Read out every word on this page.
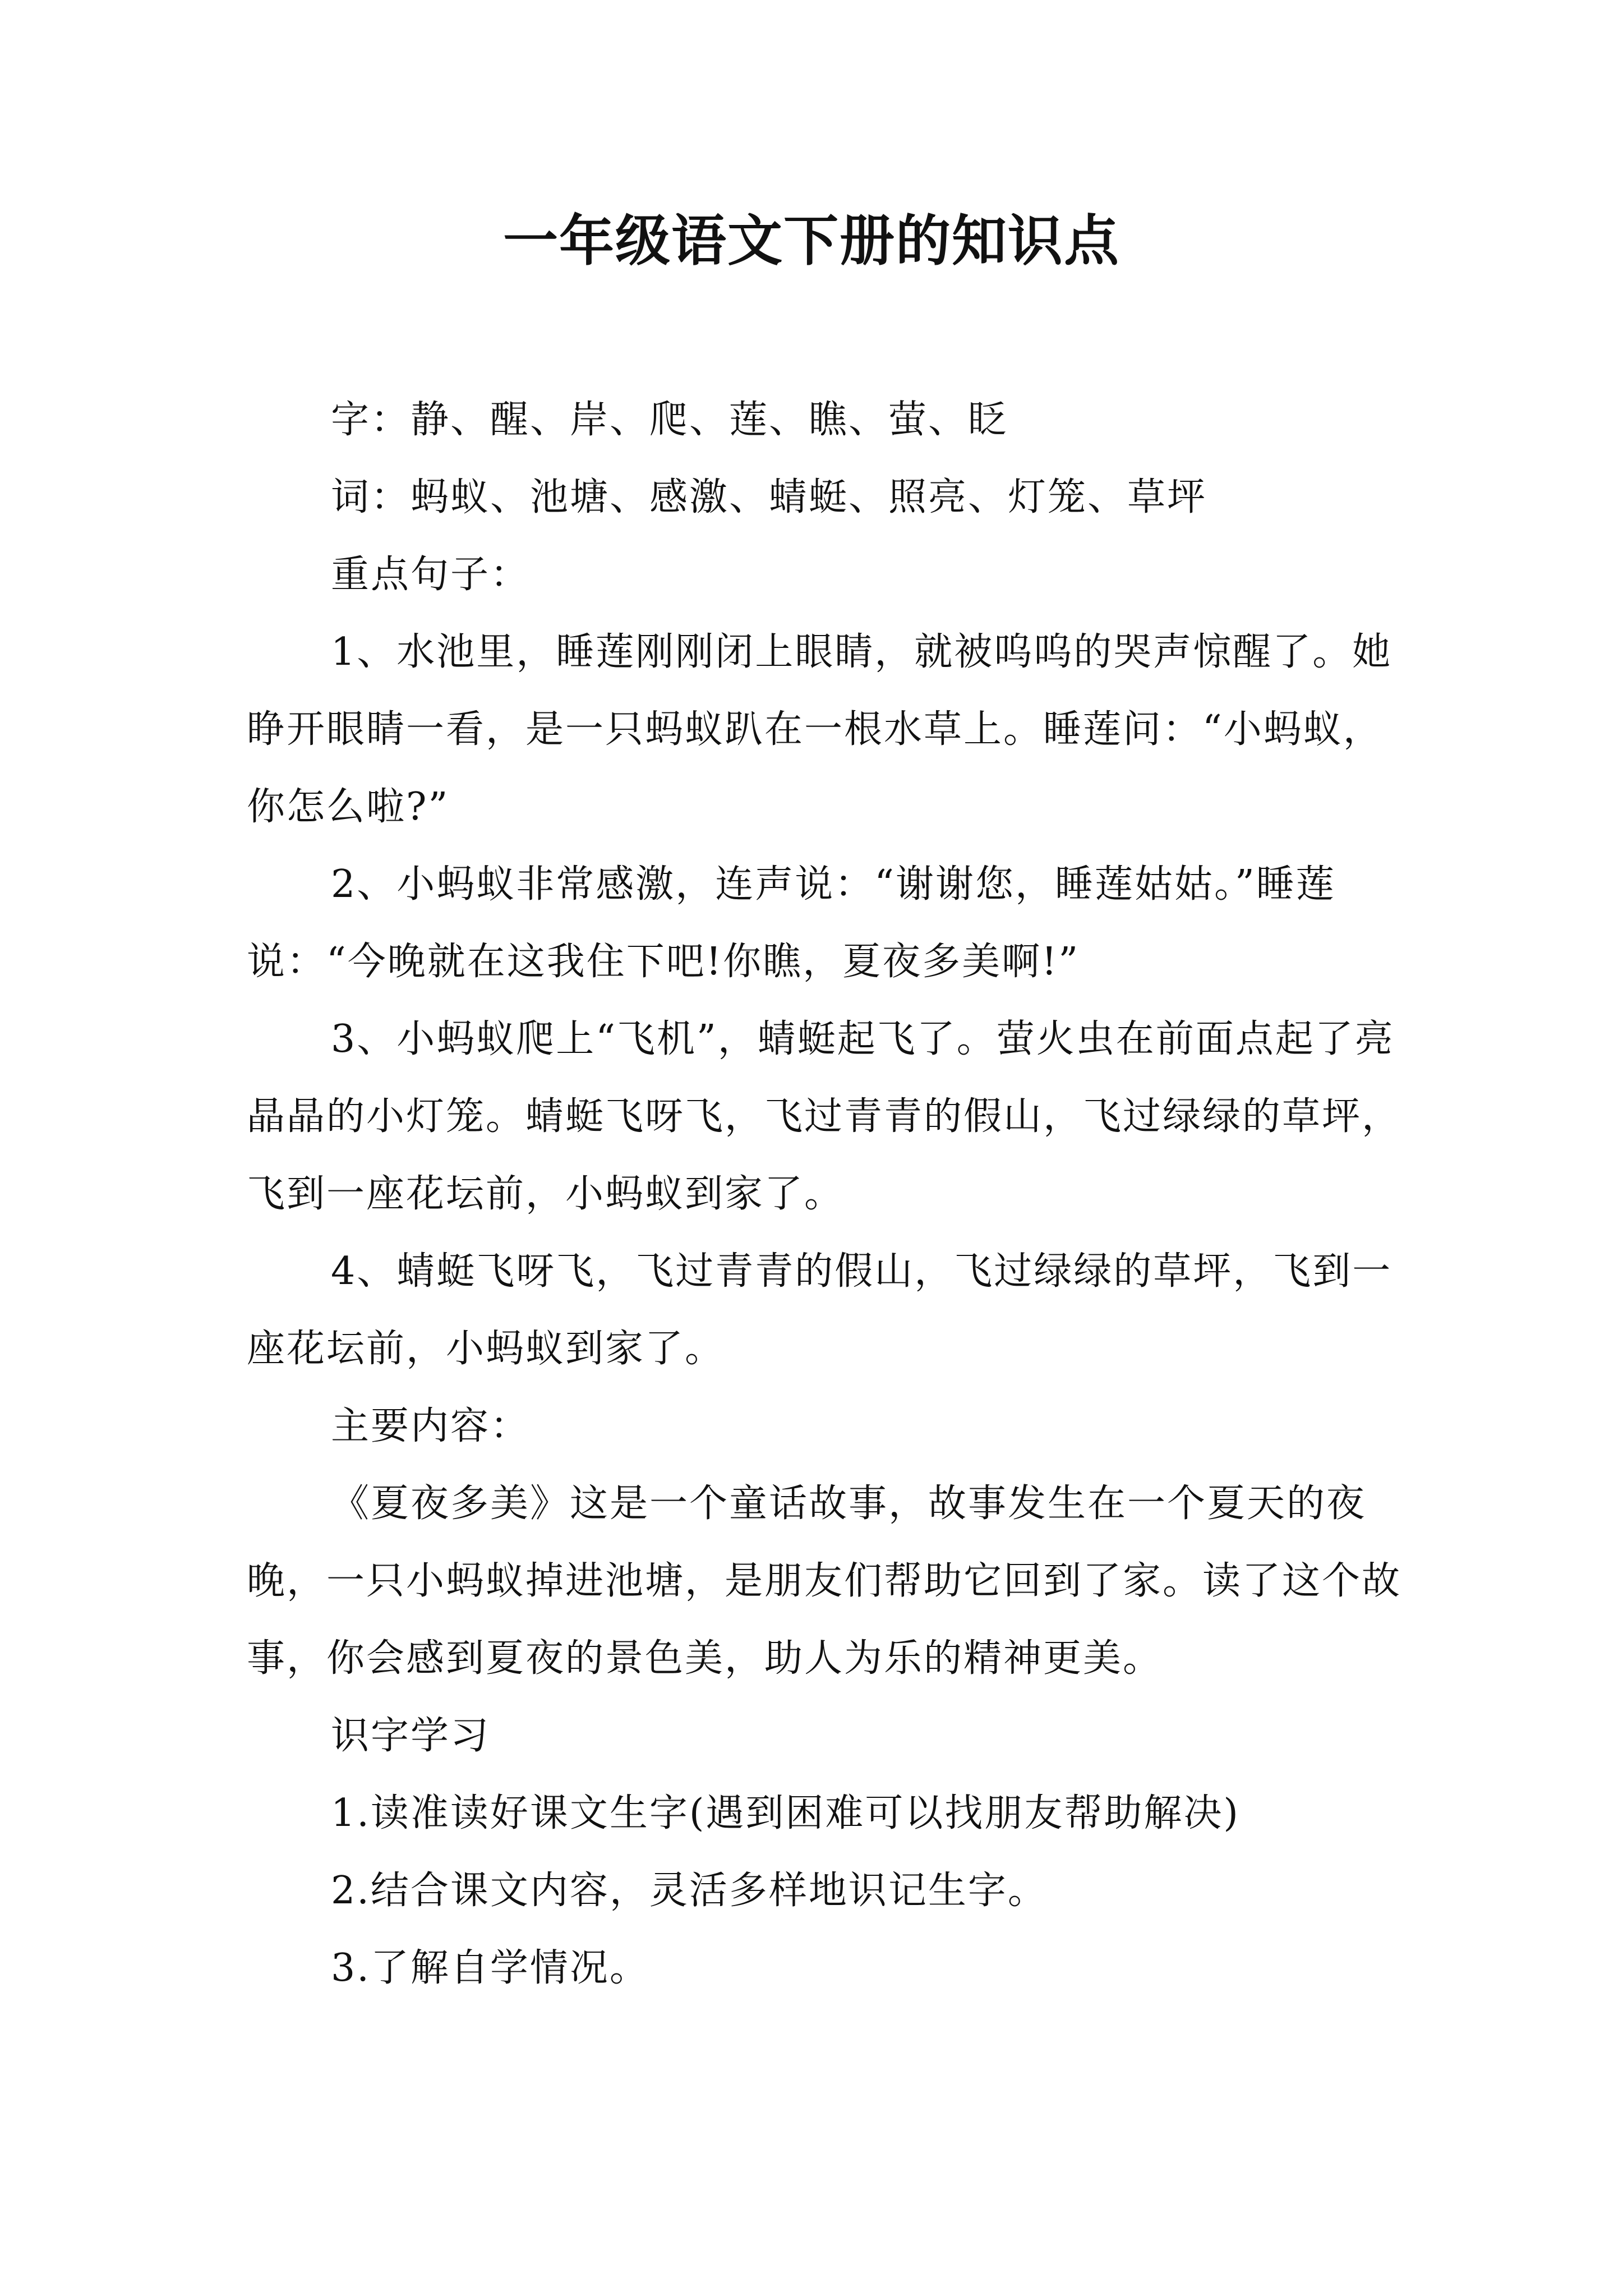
一年级语文下册的知识点

字：静、醒、岸、爬、莲、瞧、萤、眨

词：蚂蚁、池塘、感激、蜻蜓、照亮、灯笼、草坪

重点句子：

1、水池里，睡莲刚刚闭上眼睛，就被呜呜的哭声惊醒了。她睁开眼睛一看，是一只蚂蚁趴在一根水草上。睡莲问：“小蚂蚁，你怎么啦?”

2、小蚂蚁非常感激，连声说：“谢谢您，睡莲姑姑。”睡莲说：“今晚就在这我住下吧!你瞧，夏夜多美啊!”

3、小蚂蚁爬上“飞机”，蜻蜓起飞了。萤火虫在前面点起了亮晶晶的小灯笼。蜻蜓飞呀飞，飞过青青的假山，飞过绿绿的草坪，飞到一座花坛前，小蚂蚁到家了。

4、蜻蜓飞呀飞，飞过青青的假山，飞过绿绿的草坪，飞到一座花坛前，小蚂蚁到家了。

主要内容：

《夏夜多美》这是一个童话故事，故事发生在一个夏天的夜晚，一只小蚂蚁掉进池塘，是朋友们帮助它回到了家。读了这个故事，你会感到夏夜的景色美，助人为乐的精神更美。

识字学习

1.读准读好课文生字(遇到困难可以找朋友帮助解决)

2.结合课文内容，灵活多样地识记生字。

3.了解自学情况。
